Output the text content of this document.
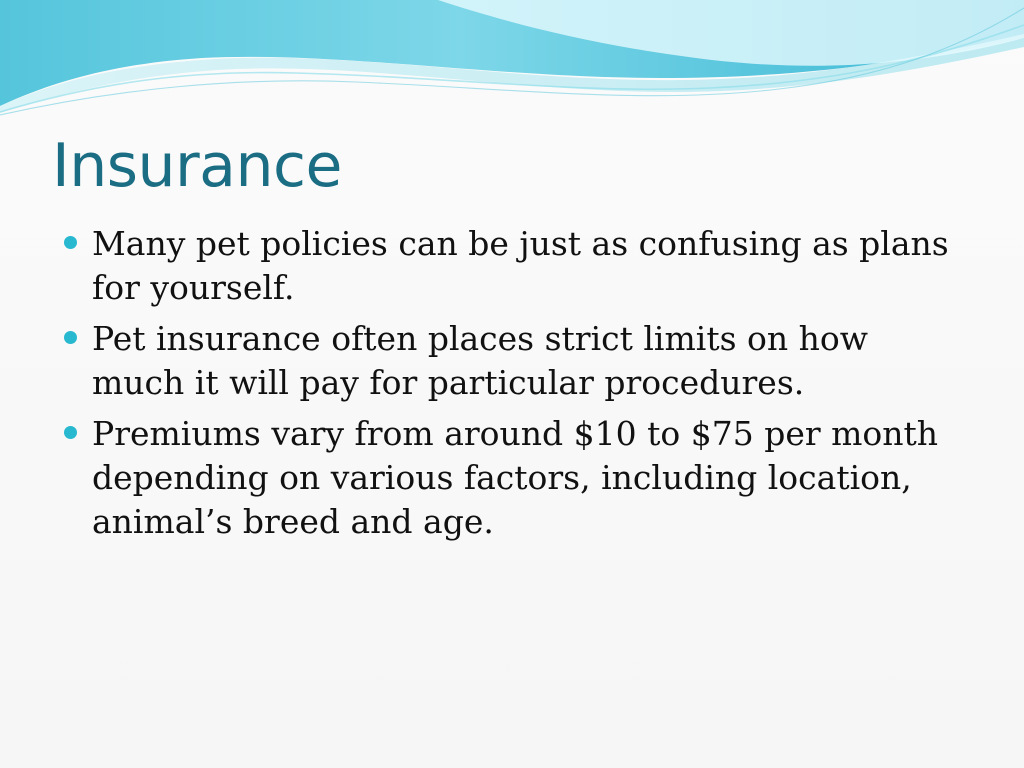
Insurance
Many pet policies can be just as confusing as plans for yourself.
Pet insurance often places strict limits on how much it will pay for particular procedures.
Premiums vary from around $10 to $75 per month depending on various factors, including location, animal’s breed and age.
